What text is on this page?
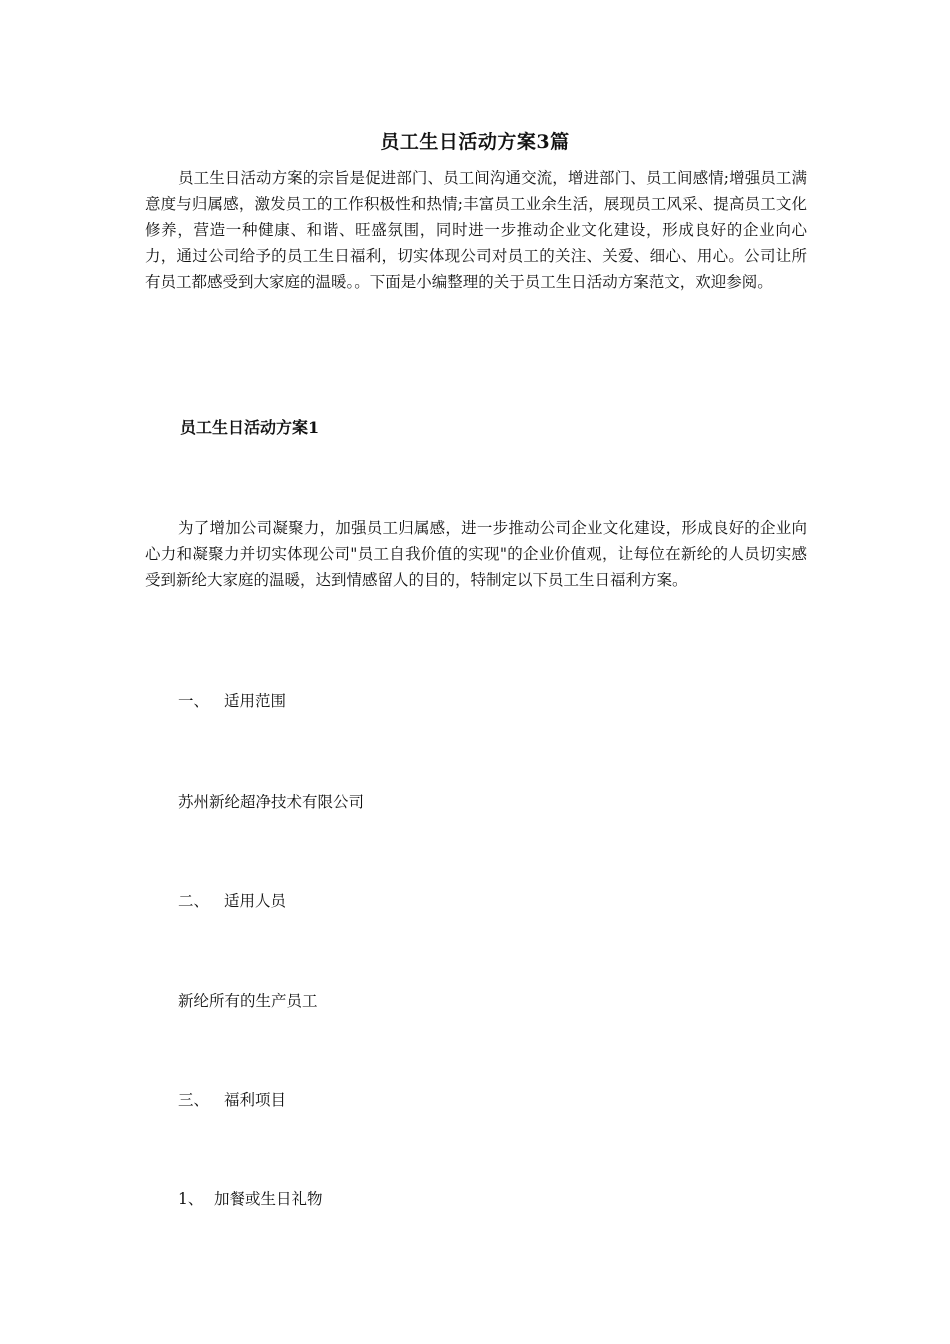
员工生日活动方案3篇

员工生日活动方案的宗旨是促进部门、员工间沟通交流，增进部门、员工间感情;增强员工满意度与归属感，激发员工的工作积极性和热情;丰富员工业余生活，展现员工风采、提高员工文化修养，营造一种健康、和谐、旺盛氛围，同时进一步推动企业文化建设，形成良好的企业向心力，通过公司给予的员工生日福利，切实体现公司对员工的关注、关爱、细心、用心。公司让所有员工都感受到大家庭的温暖。。下面是小编整理的关于员工生日活动方案范文，欢迎参阅。

员工生日活动方案1

为了增加公司凝聚力，加强员工归属感，进一步推动公司企业文化建设，形成良好的企业向心力和凝聚力并切实体现公司"员工自我价值的实现"的企业价值观，让每位在新纶的人员切实感受到新纶大家庭的温暖，达到情感留人的目的，特制定以下员工生日福利方案。

一、 适用范围
苏州新纶超净技术有限公司
二、 适用人员
新纶所有的生产员工
三、 福利项目
1、 加餐或生日礼物
